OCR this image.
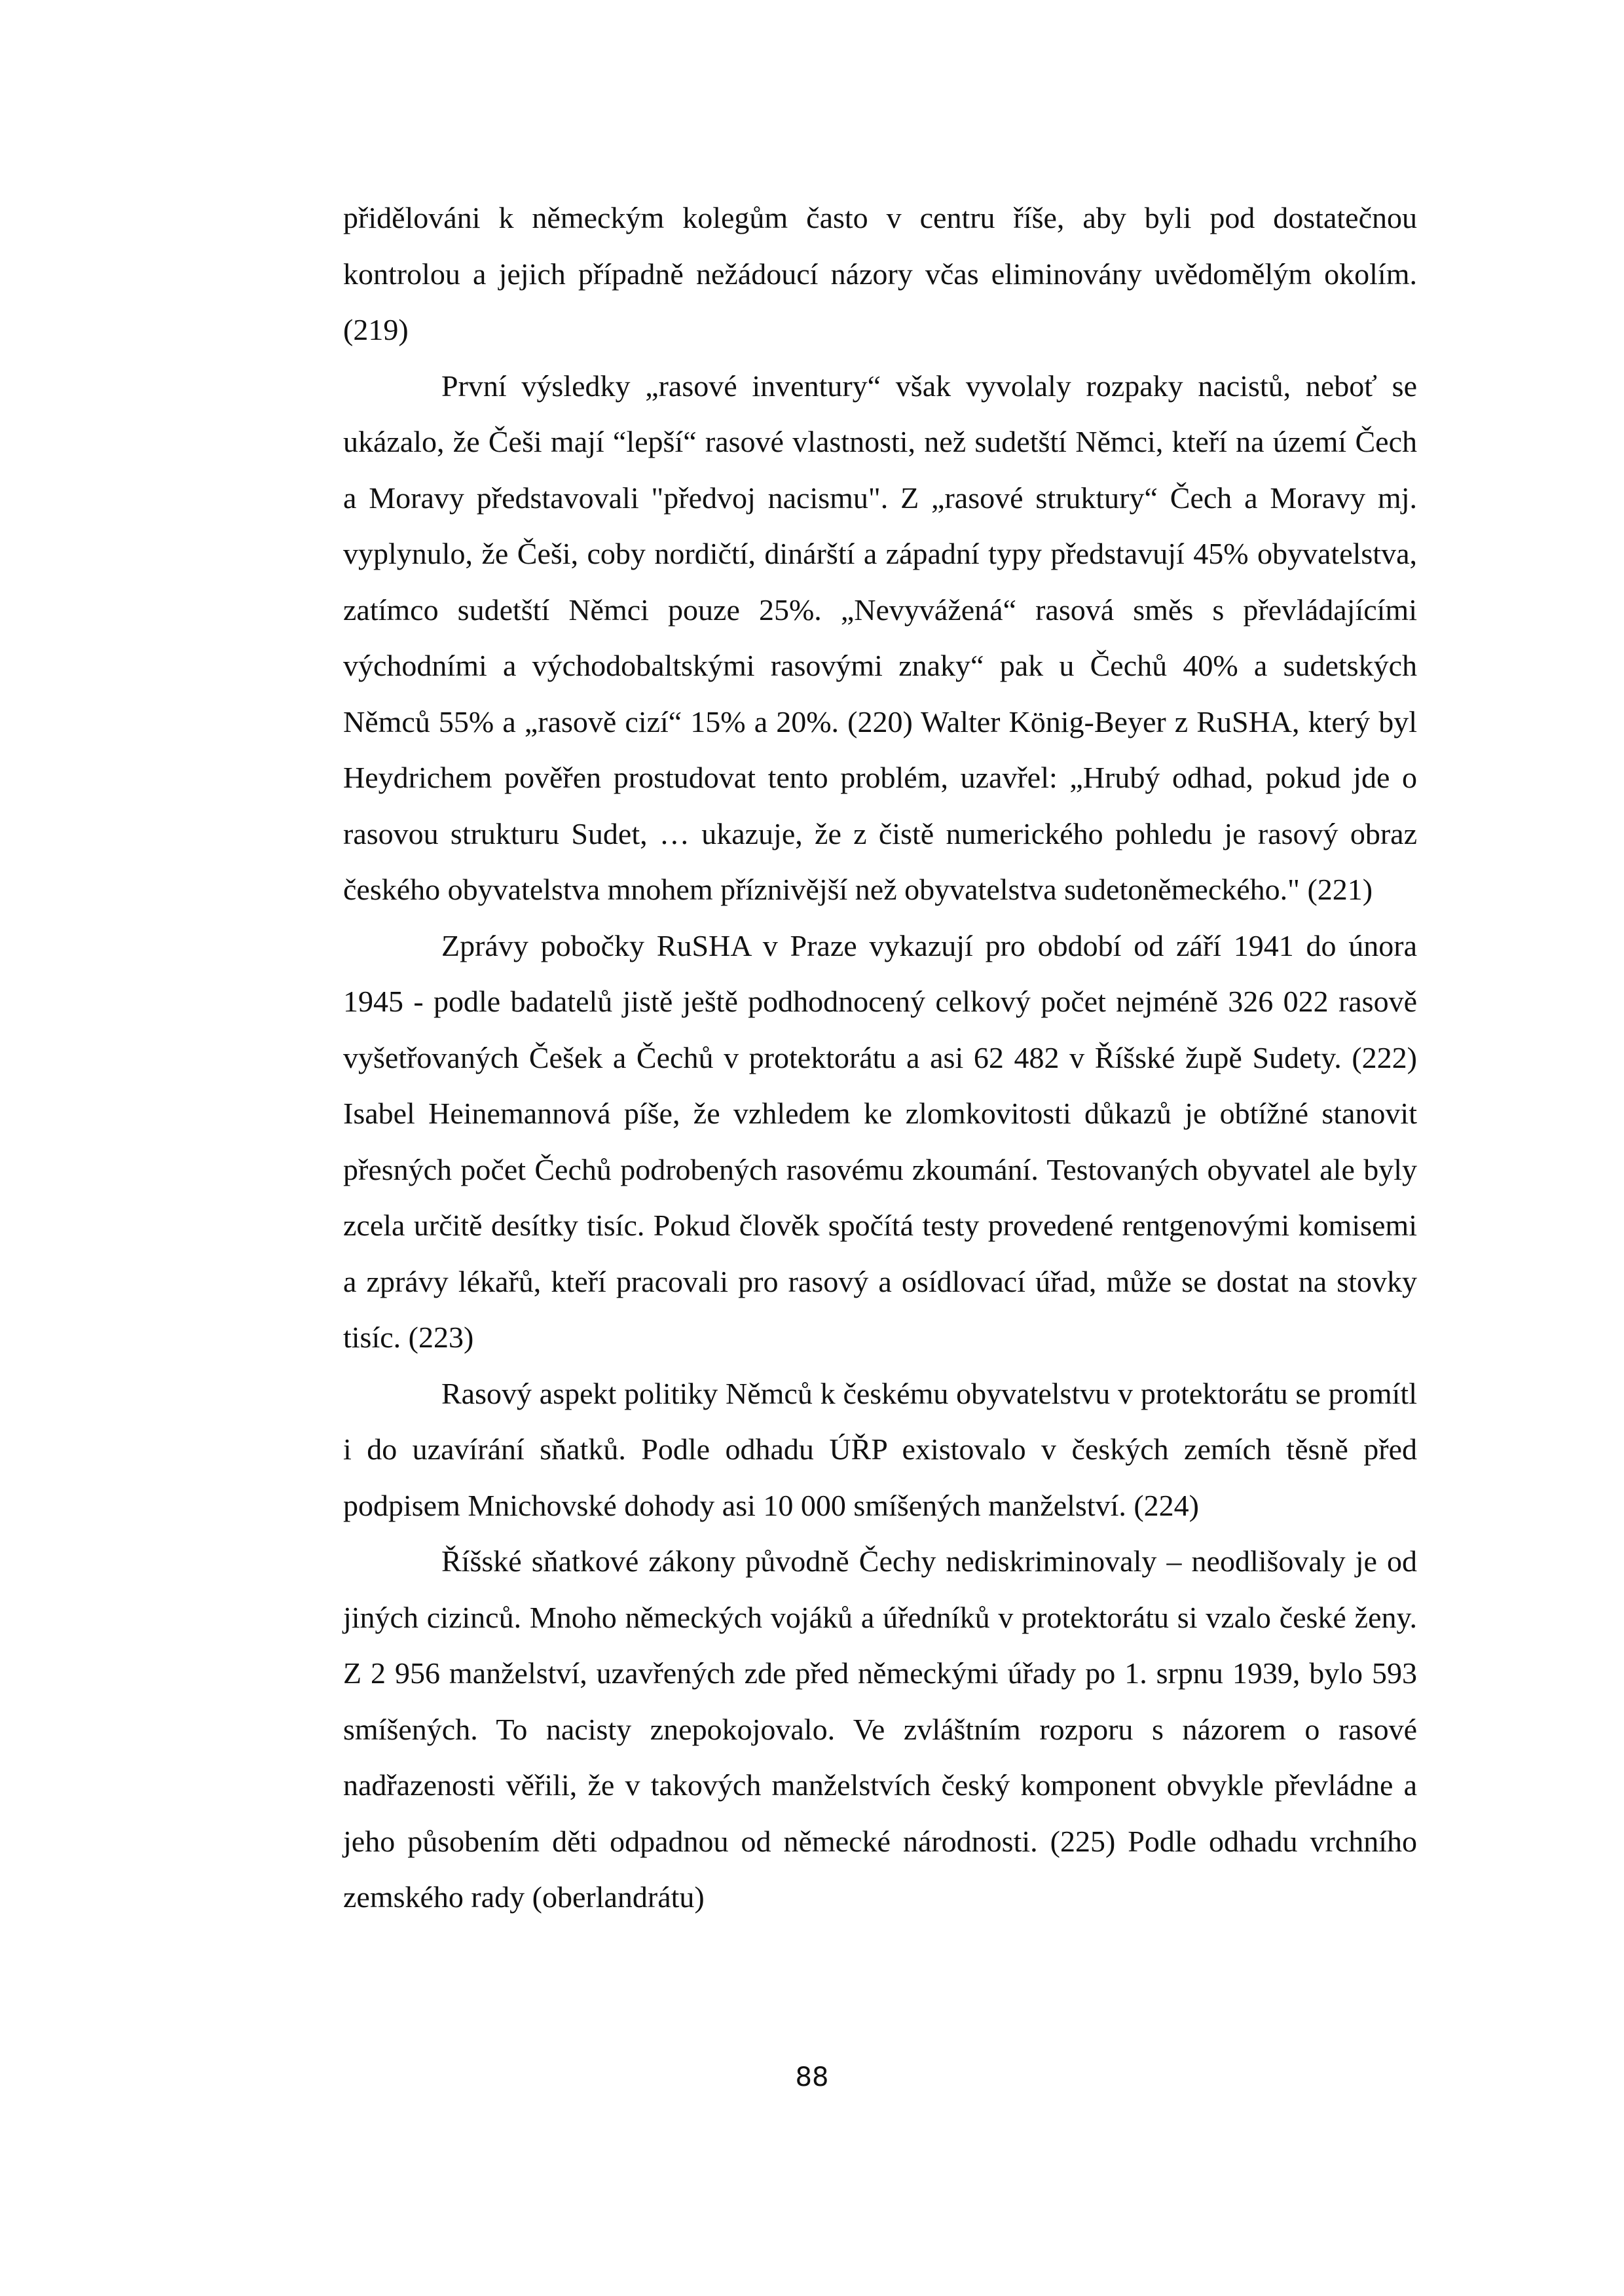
přidělováni k německým kolegům často v centru říše, aby byli pod dostatečnou kontrolou a jejich případně nežádoucí názory včas eliminovány uvědomělým okolím. (219)

První výsledky „rasové inventury“ však vyvolaly rozpaky nacistů, neboť se ukázalo, že Češi mají “lepší“ rasové vlastnosti, než sudetští Němci, kteří na území Čech a Moravy představovali "předvoj nacismu". Z „rasové struktury“ Čech a Moravy mj. vyplynulo, že Češi, coby nordičtí, dinárští a západní typy představují 45% obyvatelstva, zatímco sudetští Němci pouze 25%. „Nevyvážená“ rasová směs s převládajícími východními a východobaltskými rasovými znaky“ pak u Čechů 40% a sudetských Němců 55% a „rasově cizí“ 15% a 20%. (220) Walter König-Beyer z RuSHA, který byl Heydrichem pověřen prostudovat tento problém, uzavřel: „Hrubý odhad, pokud jde o rasovou strukturu Sudet, … ukazuje, že z čistě numerického pohledu je rasový obraz českého obyvatelstva mnohem příznivější než obyvatelstva sudetoněmeckého." (221)

Zprávy pobočky RuSHA v Praze vykazují pro období od září 1941 do února 1945 - podle badatelů jistě ještě podhodnocený celkový počet nejméně 326 022 rasově vyšetřovaných Češek a Čechů v protektorátu a asi 62 482 v Říšské župě Sudety. (222) Isabel Heinemannová píše, že vzhledem ke zlomkovitosti důkazů je obtížné stanovit přesných počet Čechů podrobených rasovému zkoumání. Testovaných obyvatel ale byly zcela určitě desítky tisíc. Pokud člověk spočítá testy provedené rentgenovými komisemi a zprávy lékařů, kteří pracovali pro rasový a osídlovací úřad, může se dostat na stovky tisíc. (223)

Rasový aspekt politiky Němců k českému obyvatelstvu v protektorátu se promítl i do uzavírání sňatků. Podle odhadu ÚŘP existovalo v českých zemích těsně před podpisem Mnichovské dohody asi 10 000 smíšených manželství. (224)

Říšské sňatkové zákony původně Čechy nediskriminovaly – neodlišovaly je od jiných cizinců. Mnoho německých vojáků a úředníků v protektorátu si vzalo české ženy. Z 2 956 manželství, uzavřených zde před německými úřady po 1. srpnu 1939, bylo 593 smíšených. To nacisty znepokojovalo. Ve zvláštním rozporu s názorem o rasové nadřazenosti věřili, že v takových manželstvích český komponent obvykle převládne a jeho působením děti odpadnou od německé národnosti. (225) Podle odhadu vrchního zemského rady (oberlandrátu)

88
